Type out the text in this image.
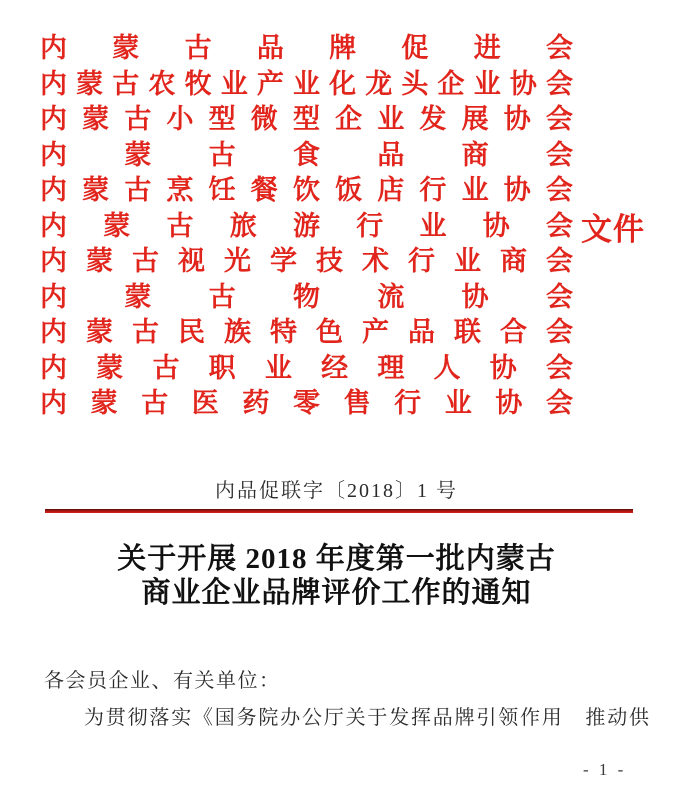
内 蒙 古 品 牌 促 进 会
内 蒙 古 农 牧 业 产 业 化 龙 头 企 业 协 会
内 蒙 古 小 型 微 型 企 业 发 展 协 会
内 蒙 古 食 品 商 会
内 蒙 古 烹 饪 餐 饮 饭 店 行 业 协 会
内 蒙 古 旅 游 行 业 协 会
内 蒙 古 视 光 学 技 术 行 业 商 会
内 蒙 古 物 流 协 会
内 蒙 古 民 族 特 色 产 品 联 合 会
内 蒙 古 职 业 经 理 人 协 会
内 蒙 古 医 药 零 售 行 业 协 会
文件
内品促联字〔2018〕1 号
关于开展 2018 年度第一批内蒙古
商业企业品牌评价工作的通知
各会员企业、有关单位：
为贯彻落实《国务院办公厅关于发挥品牌引领作用　推动供
- 1 -
